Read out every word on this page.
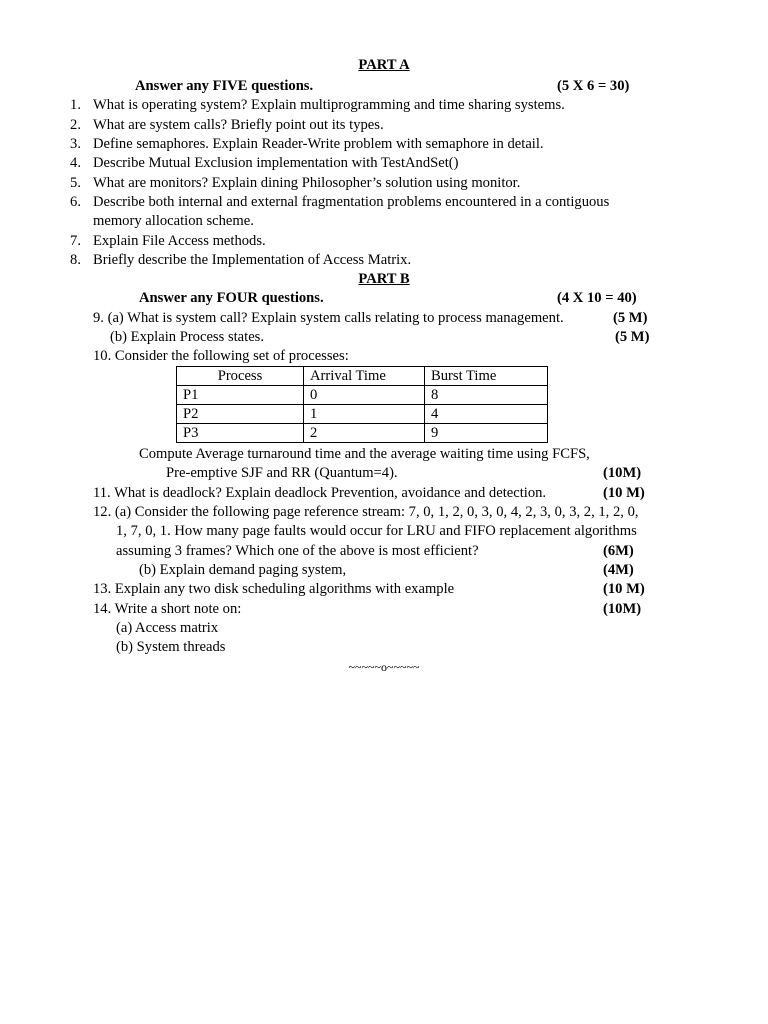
PART A
Answer any FIVE questions.	(5 X 6 = 30)
1. What is operating system? Explain multiprogramming and time sharing systems.
2. What are system calls? Briefly point out its types.
3. Define semaphores. Explain Reader-Write problem with semaphore in detail.
4. Describe Mutual Exclusion implementation with TestAndSet()
5. What are monitors? Explain dining Philosopher’s solution using monitor.
6. Describe both internal and external fragmentation problems encountered in a contiguous
memory allocation scheme.
7. Explain File Access methods.
8. Briefly describe the Implementation of Access Matrix.
PART B
Answer any FOUR questions.	(4 X 10 = 40)
9. (a) What is system call? Explain system calls relating to process management.	(5 M)
(b) Explain Process states.	(5 M)
10. Consider the following set of processes:
Process	Arrival Time	Burst Time
P1	0	8
P2	1	4
P3	2	9
Compute Average turnaround time and the average waiting time using FCFS,
Pre-emptive SJF and RR (Quantum=4).	(10M)
11. What is deadlock? Explain deadlock Prevention, avoidance and detection.	(10 M)
12. (a) Consider the following page reference stream: 7, 0, 1, 2, 0, 3, 0, 4, 2, 3, 0, 3, 2, 1, 2, 0,
1, 7, 0, 1. How many page faults would occur for LRU and FIFO replacement algorithms
assuming 3 frames? Which one of the above is most efficient?	(6M)
(b) Explain demand paging system,	(4M)
13. Explain any two disk scheduling algorithms with example	(10 M)
14. Write a short note on:	(10M)
(a) Access matrix
(b) System threads
~~~~~o~~~~~
